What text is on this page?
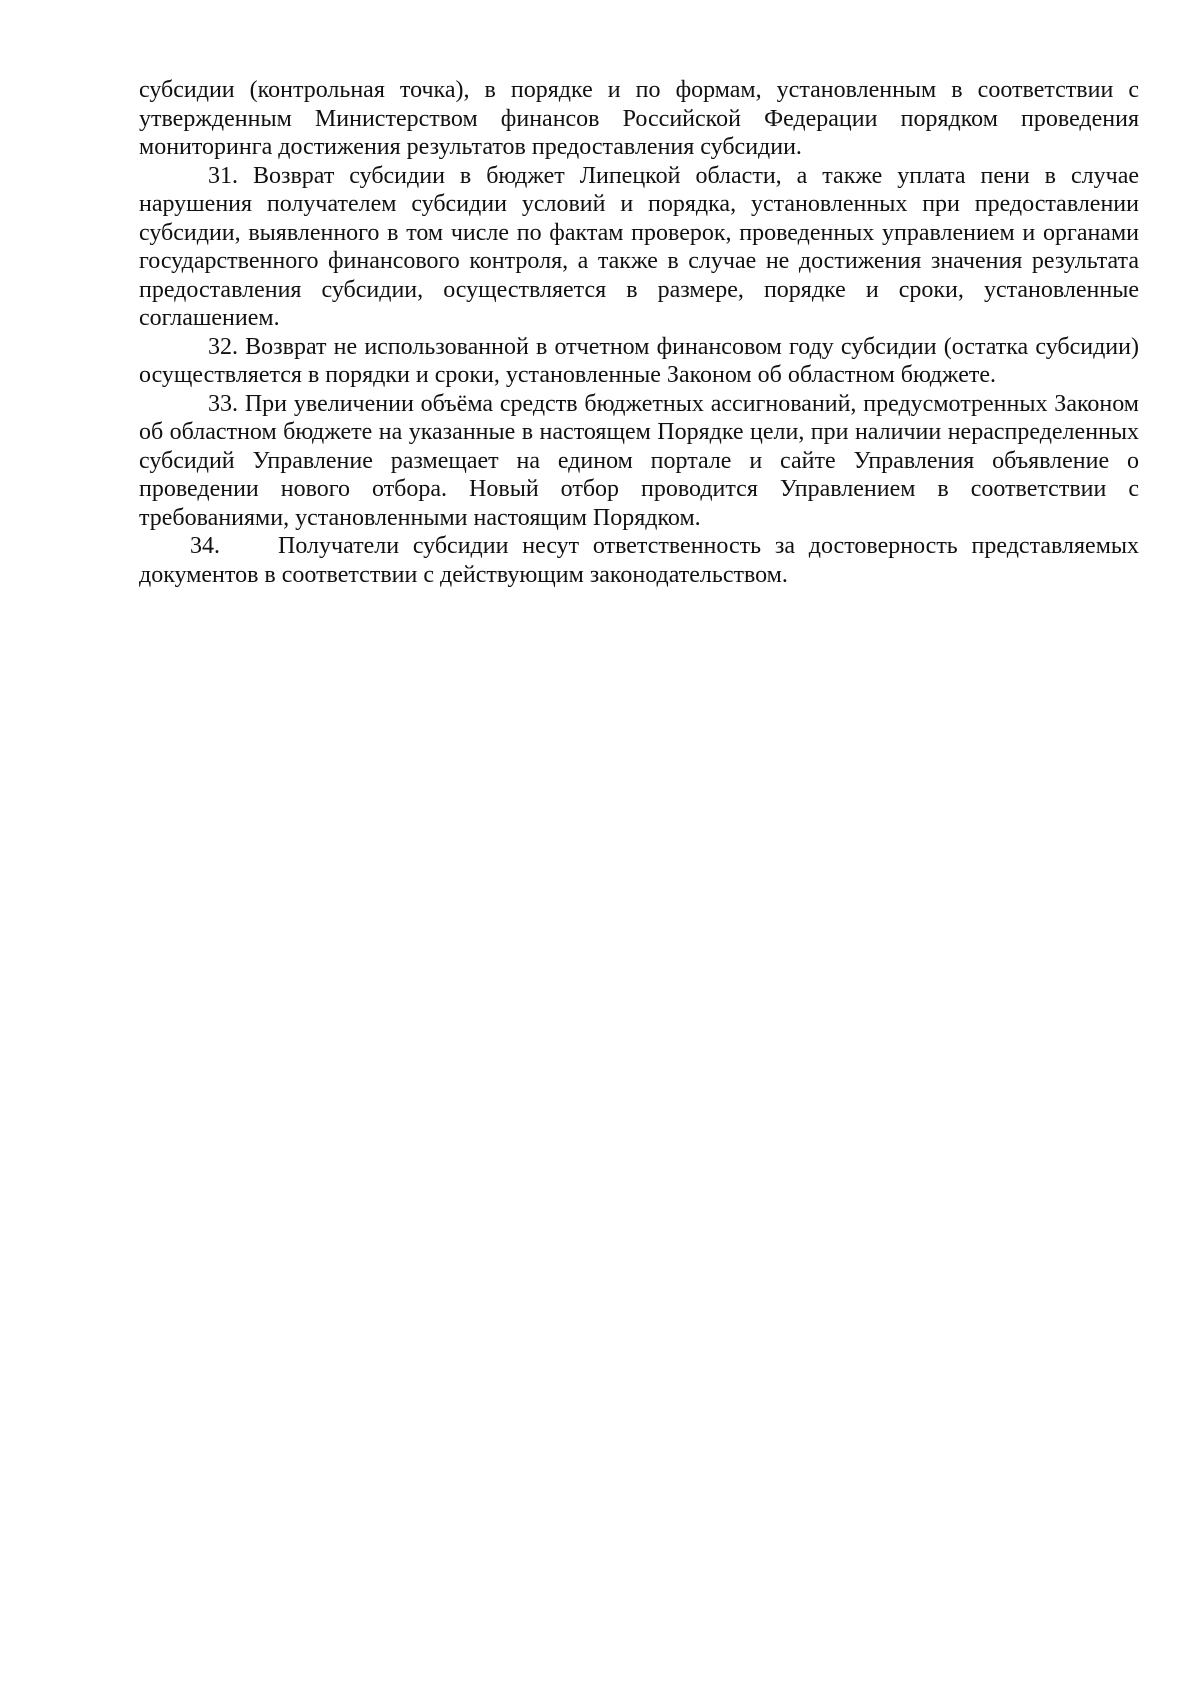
субсидии (контрольная точка), в порядке и по формам, установленным в соответствии с утвержденным Министерством финансов Российской Федерации порядком проведения мониторинга достижения результатов предоставления субсидии.

31. Возврат субсидии в бюджет Липецкой области, а также уплата пени в случае нарушения получателем субсидии условий и порядка, установленных при предоставлении субсидии, выявленного в том числе по фактам проверок, проведенных управлением и органами государственного финансового контроля, а также в случае не достижения значения результата предоставления субсидии, осуществляется в размере, порядке и сроки, установленные соглашением.

32. Возврат не использованной в отчетном финансовом году субсидии (остатка субсидии) осуществляется в порядки и сроки, установленные Законом об областном бюджете.

33. При увеличении объёма средств бюджетных ассигнований, предусмотренных Законом об областном бюджете на указанные в настоящем Порядке цели, при наличии нераспределенных субсидий Управление размещает на едином портале и сайте Управления объявление о проведении нового отбора. Новый отбор проводится Управлением в соответствии с требованиями, установленными настоящим Порядком.

34. Получатели субсидии несут ответственность за достоверность представляемых документов в соответствии с действующим законодательством.
